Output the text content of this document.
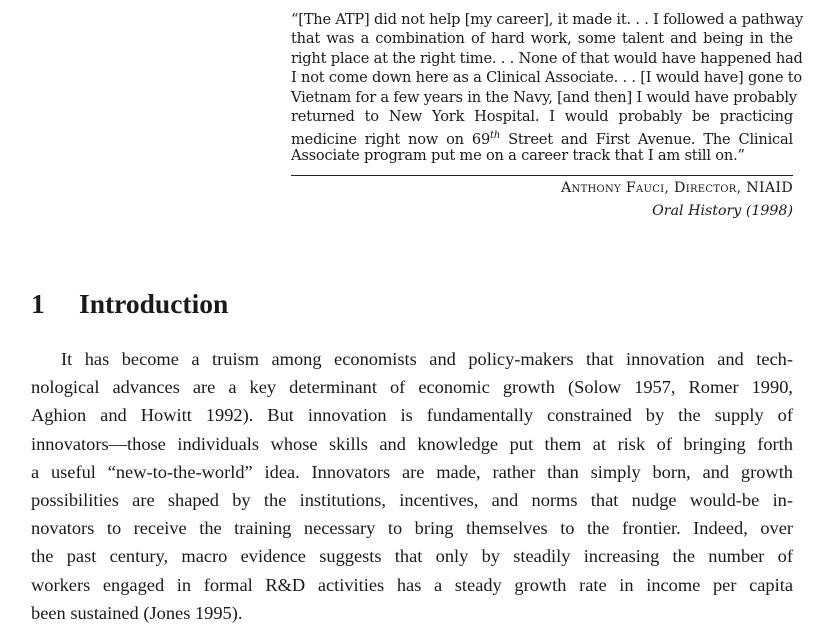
“[The ATP] did not help [my career], it made it. . . I followed a pathway
that was a combination of hard work, some talent and being in the
right place at the right time. . . None of that would have happened had
I not come down here as a Clinical Associate. . . [I would have] gone to
Vietnam for a few years in the Navy, [and then] I would have probably
returned to New York Hospital. I would probably be practicing
medicine right now on 69th Street and First Avenue. The Clinical
Associate program put me on a career track that I am still on.”
Anthony Fauci, Director, NIAID
Oral History (1998)
1 Introduction
It has become a truism among economists and policy-makers that innovation and tech-
nological advances are a key determinant of economic growth (Solow 1957, Romer 1990,
Aghion and Howitt 1992). But innovation is fundamentally constrained by the supply of
innovators—those individuals whose skills and knowledge put them at risk of bringing forth
a useful “new-to-the-world” idea. Innovators are made, rather than simply born, and growth
possibilities are shaped by the institutions, incentives, and norms that nudge would-be in-
novators to receive the training necessary to bring themselves to the frontier. Indeed, over
the past century, macro evidence suggests that only by steadily increasing the number of
workers engaged in formal R&D activities has a steady growth rate in income per capita
been sustained (Jones 1995).
